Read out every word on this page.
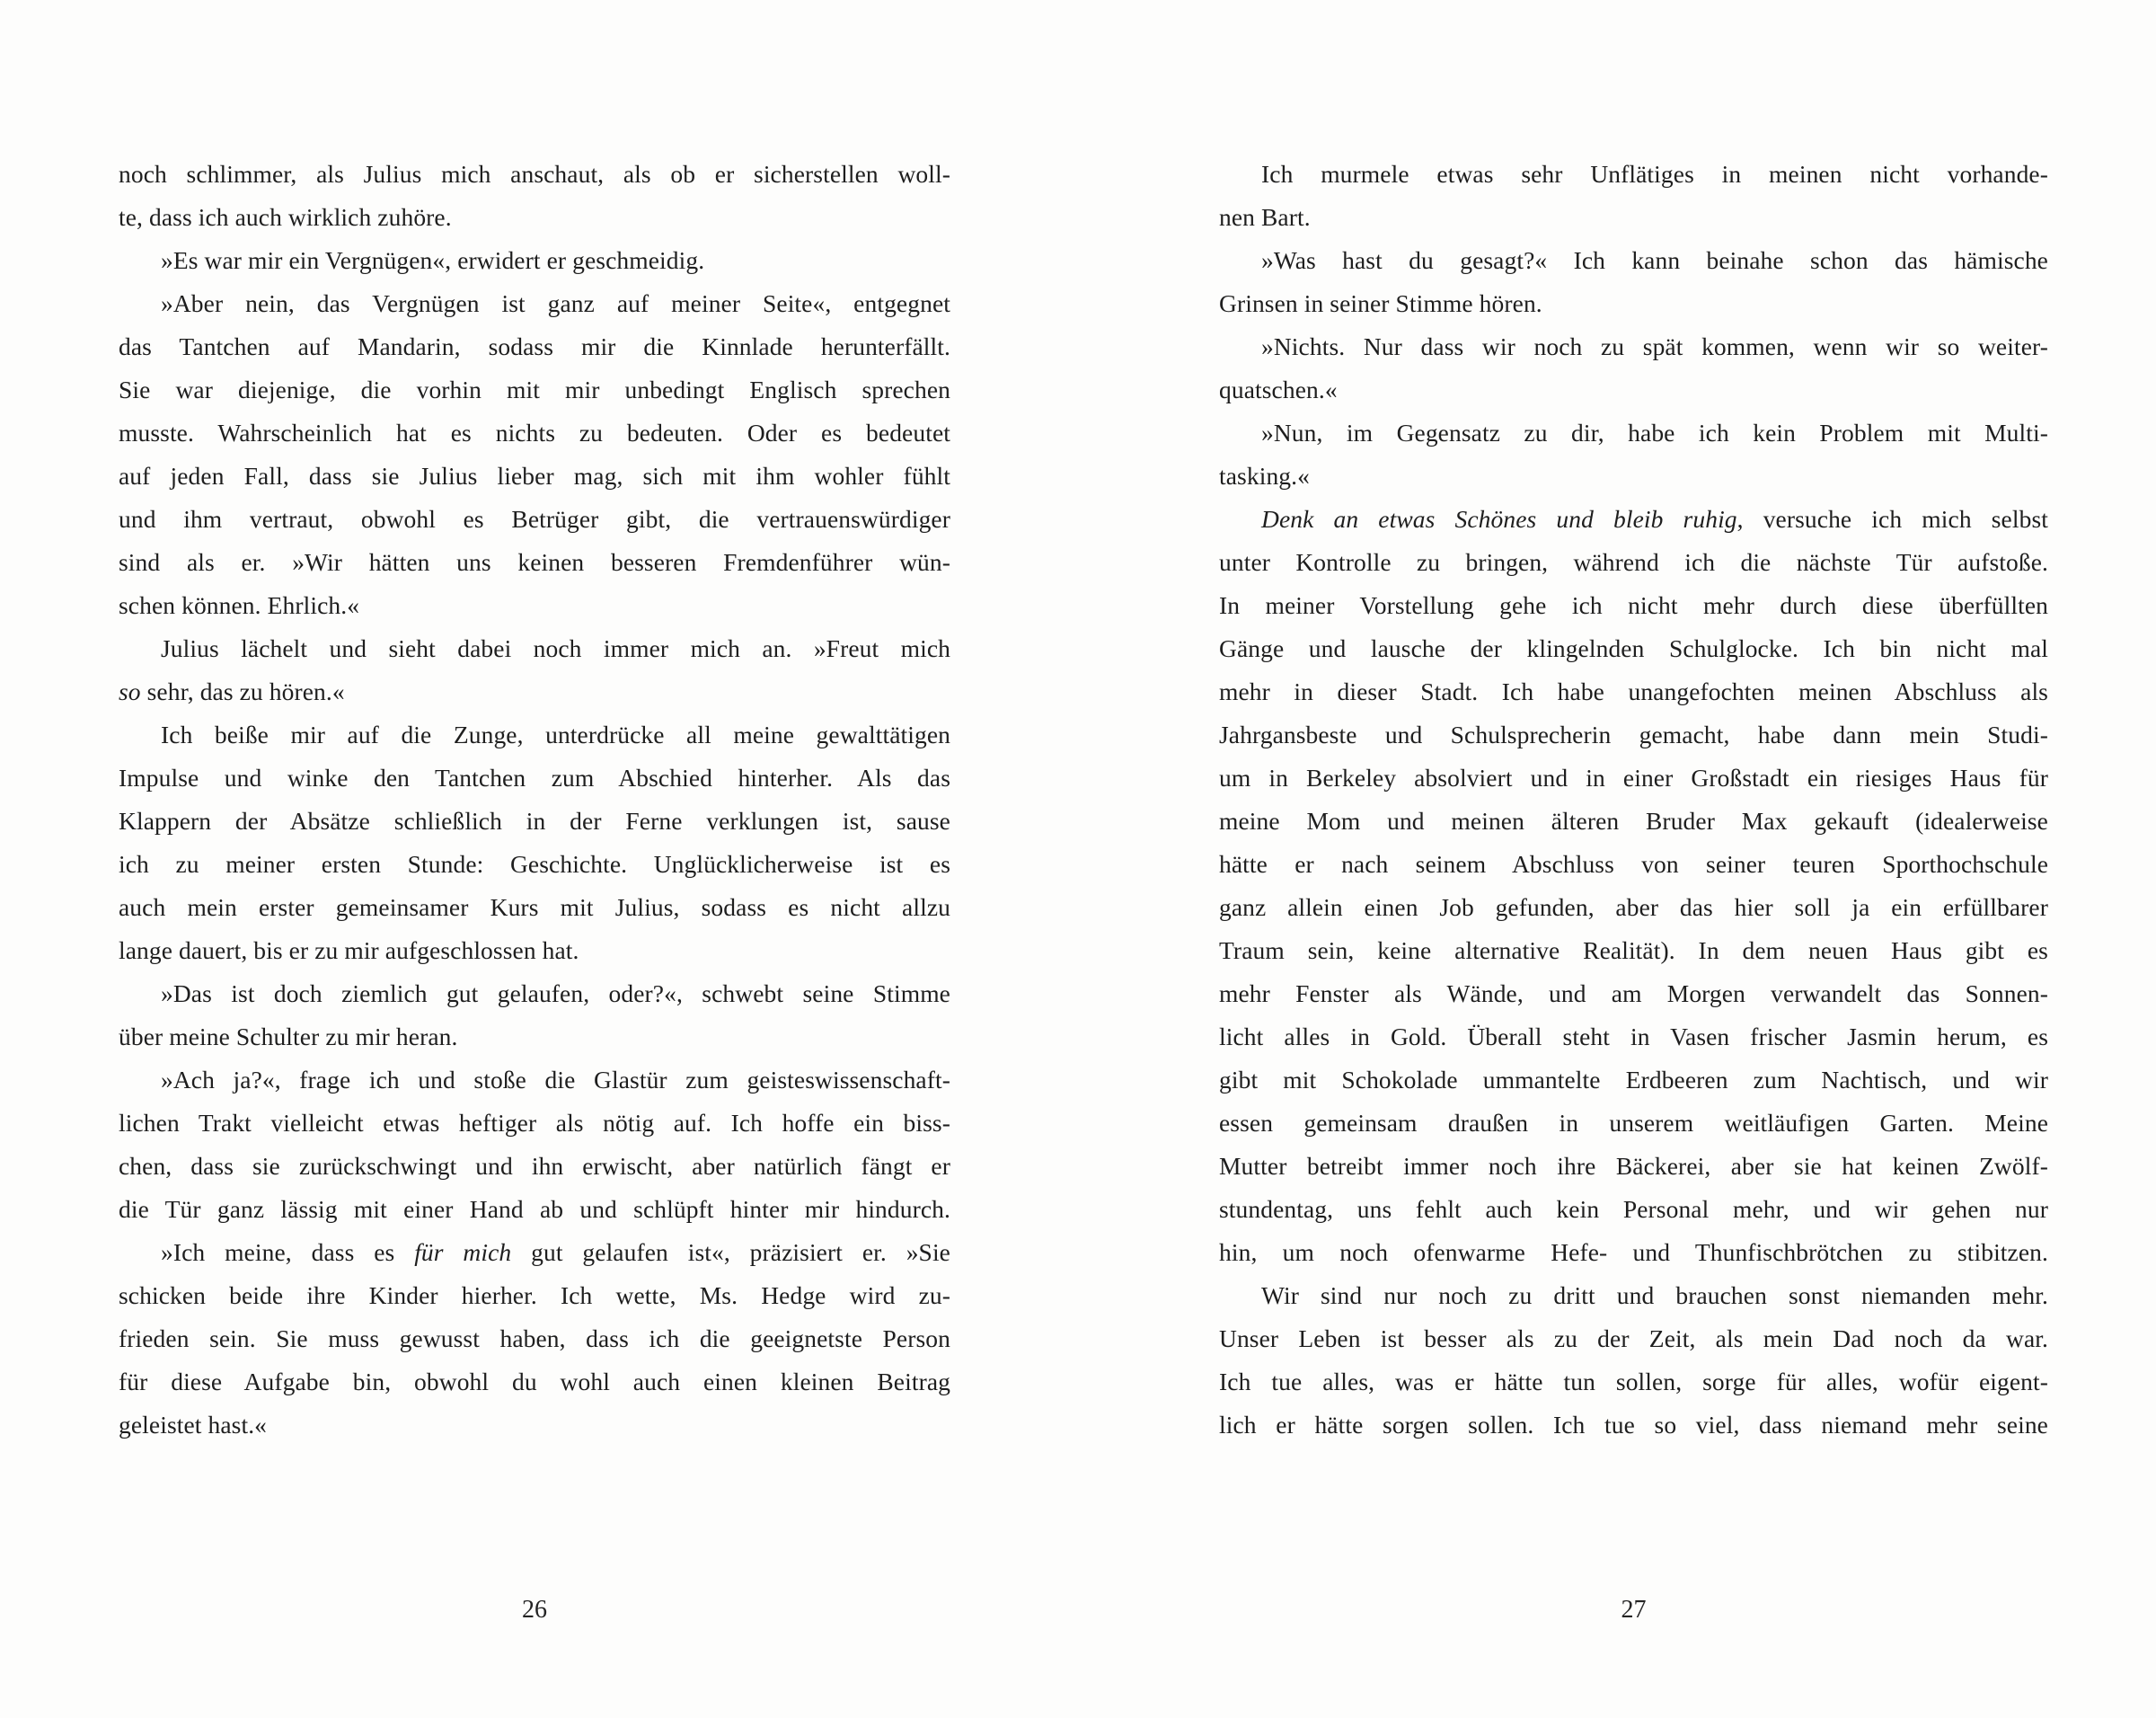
noch schlimmer, als Julius mich anschaut, als ob er sicherstellen woll-
te, dass ich auch wirklich zuhöre.
»Es war mir ein Vergnügen«, erwidert er geschmeidig.
»Aber nein, das Vergnügen ist ganz auf meiner Seite«, entgegnet
das Tantchen auf Mandarin, sodass mir die Kinnlade herunterfällt.
Sie war diejenige, die vorhin mit mir unbedingt Englisch sprechen
musste. Wahrscheinlich hat es nichts zu bedeuten. Oder es bedeutet
auf jeden Fall, dass sie Julius lieber mag, sich mit ihm wohler fühlt
und ihm vertraut, obwohl es Betrüger gibt, die vertrauenswürdiger
sind als er. »Wir hätten uns keinen besseren Fremdenführer wün-
schen können. Ehrlich.«
Julius lächelt und sieht dabei noch immer mich an. »Freut mich
so sehr, das zu hören.«
Ich beiße mir auf die Zunge, unterdrücke all meine gewalttätigen
Impulse und winke den Tantchen zum Abschied hinterher. Als das
Klappern der Absätze schließlich in der Ferne verklungen ist, sause
ich zu meiner ersten Stunde: Geschichte. Unglücklicherweise ist es
auch mein erster gemeinsamer Kurs mit Julius, sodass es nicht allzu
lange dauert, bis er zu mir aufgeschlossen hat.
»Das ist doch ziemlich gut gelaufen, oder?«, schwebt seine Stimme
über meine Schulter zu mir heran.
»Ach ja?«, frage ich und stoße die Glastür zum geisteswissenschaft-
lichen Trakt vielleicht etwas heftiger als nötig auf. Ich hoffe ein biss-
chen, dass sie zurückschwingt und ihn erwischt, aber natürlich fängt er
die Tür ganz lässig mit einer Hand ab und schlüpft hinter mir hindurch.
»Ich meine, dass es für mich gut gelaufen ist«, präzisiert er. »Sie
schicken beide ihre Kinder hierher. Ich wette, Ms. Hedge wird zu-
frieden sein. Sie muss gewusst haben, dass ich die geeignetste Person
für diese Aufgabe bin, obwohl du wohl auch einen kleinen Beitrag
geleistet hast.«
26
Ich murmele etwas sehr Unflätiges in meinen nicht vorhande-
nen Bart.
»Was hast du gesagt?« Ich kann beinahe schon das hämische
Grinsen in seiner Stimme hören.
»Nichts. Nur dass wir noch zu spät kommen, wenn wir so weiter-
quatschen.«
»Nun, im Gegensatz zu dir, habe ich kein Problem mit Multi-
tasking.«
Denk an etwas Schönes und bleib ruhig, versuche ich mich selbst
unter Kontrolle zu bringen, während ich die nächste Tür aufstoße.
In meiner Vorstellung gehe ich nicht mehr durch diese überfüllten
Gänge und lausche der klingelnden Schulglocke. Ich bin nicht mal
mehr in dieser Stadt. Ich habe unangefochten meinen Abschluss als
Jahrgansbeste und Schulsprecherin gemacht, habe dann mein Studi-
um in Berkeley absolviert und in einer Großstadt ein riesiges Haus für
meine Mom und meinen älteren Bruder Max gekauft (idealerweise
hätte er nach seinem Abschluss von seiner teuren Sporthochschule
ganz allein einen Job gefunden, aber das hier soll ja ein erfüllbarer
Traum sein, keine alternative Realität). In dem neuen Haus gibt es
mehr Fenster als Wände, und am Morgen verwandelt das Sonnen-
licht alles in Gold. Überall steht in Vasen frischer Jasmin herum, es
gibt mit Schokolade ummantelte Erdbeeren zum Nachtisch, und wir
essen gemeinsam draußen in unserem weitläufigen Garten. Meine
Mutter betreibt immer noch ihre Bäckerei, aber sie hat keinen Zwölf-
stundentag, uns fehlt auch kein Personal mehr, und wir gehen nur
hin, um noch ofenwarme Hefe- und Thunfischbrötchen zu stibitzen.
Wir sind nur noch zu dritt und brauchen sonst niemanden mehr.
Unser Leben ist besser als zu der Zeit, als mein Dad noch da war.
Ich tue alles, was er hätte tun sollen, sorge für alles, wofür eigent-
lich er hätte sorgen sollen. Ich tue so viel, dass niemand mehr seine
27
